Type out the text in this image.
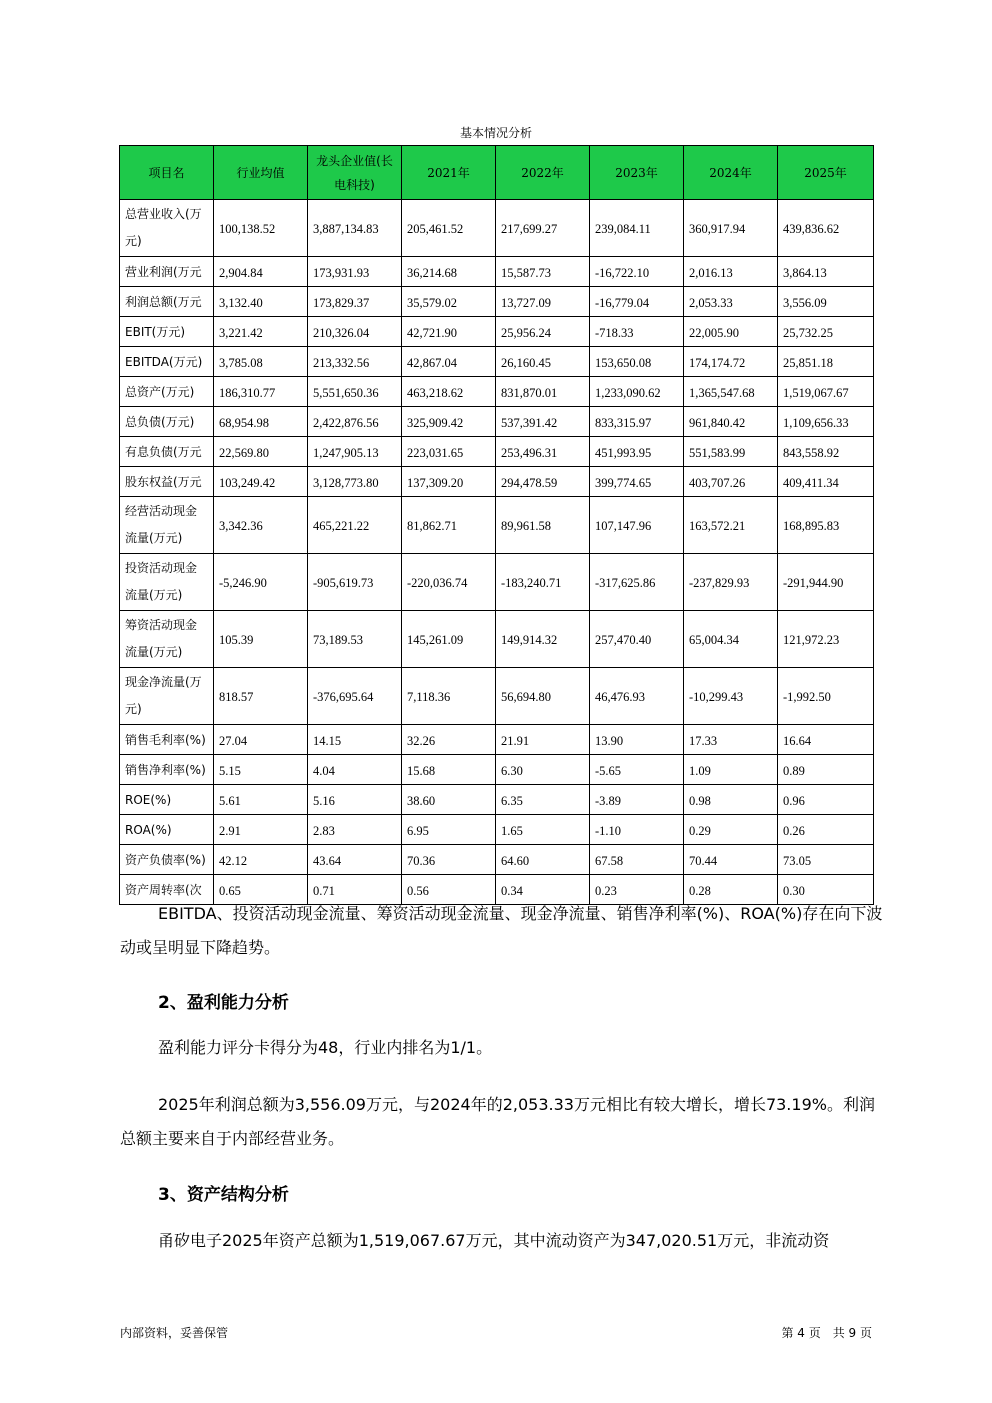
基本情况分析
项目名	行业均值	龙头企业值(长电科技)	2021年	2022年	2023年	2024年	2025年
总营业收入(万元)	100,138.52	3,887,134.83	205,461.52	217,699.27	239,084.11	360,917.94	439,836.62
营业利润(万元	2,904.84	173,931.93	36,214.68	15,587.73	-16,722.10	2,016.13	3,864.13
利润总额(万元	3,132.40	173,829.37	35,579.02	13,727.09	-16,779.04	2,053.33	3,556.09
EBIT(万元)	3,221.42	210,326.04	42,721.90	25,956.24	-718.33	22,005.90	25,732.25
EBITDA(万元)	3,785.08	213,332.56	42,867.04	26,160.45	153,650.08	174,174.72	25,851.18
总资产(万元)	186,310.77	5,551,650.36	463,218.62	831,870.01	1,233,090.62	1,365,547.68	1,519,067.67
总负债(万元)	68,954.98	2,422,876.56	325,909.42	537,391.42	833,315.97	961,840.42	1,109,656.33
有息负债(万元	22,569.80	1,247,905.13	223,031.65	253,496.31	451,993.95	551,583.99	843,558.92
股东权益(万元	103,249.42	3,128,773.80	137,309.20	294,478.59	399,774.65	403,707.26	409,411.34
经营活动现金流量(万元)	3,342.36	465,221.22	81,862.71	89,961.58	107,147.96	163,572.21	168,895.83
投资活动现金流量(万元)	-5,246.90	-905,619.73	-220,036.74	-183,240.71	-317,625.86	-237,829.93	-291,944.90
筹资活动现金流量(万元)	105.39	73,189.53	145,261.09	149,914.32	257,470.40	65,004.34	121,972.23
现金净流量(万元)	818.57	-376,695.64	7,118.36	56,694.80	46,476.93	-10,299.43	-1,992.50
销售毛利率(%)	27.04	14.15	32.26	21.91	13.90	17.33	16.64
销售净利率(%)	5.15	4.04	15.68	6.30	-5.65	1.09	0.89
ROE(%)	5.61	5.16	38.60	6.35	-3.89	0.98	0.96
ROA(%)	2.91	2.83	6.95	1.65	-1.10	0.29	0.26
资产负债率(%)	42.12	43.64	70.36	64.60	67.58	70.44	73.05
资产周转率(次	0.65	0.71	0.56	0.34	0.23	0.28	0.30
EBITDA、投资活动现金流量、筹资活动现金流量、现金净流量、销售净利率(%)、ROA(%)存在向下波动或呈明显下降趋势。
2、盈利能力分析
盈利能力评分卡得分为48，行业内排名为1/1。
2025年利润总额为3,556.09万元，与2024年的2,053.33万元相比有较大增长，增长73.19%。利润总额主要来自于内部经营业务。
3、资产结构分析
甬矽电子2025年资产总额为1,519,067.67万元，其中流动资产为347,020.51万元，非流动资
内部资料，妥善保管	第 4 页　共 9 页
